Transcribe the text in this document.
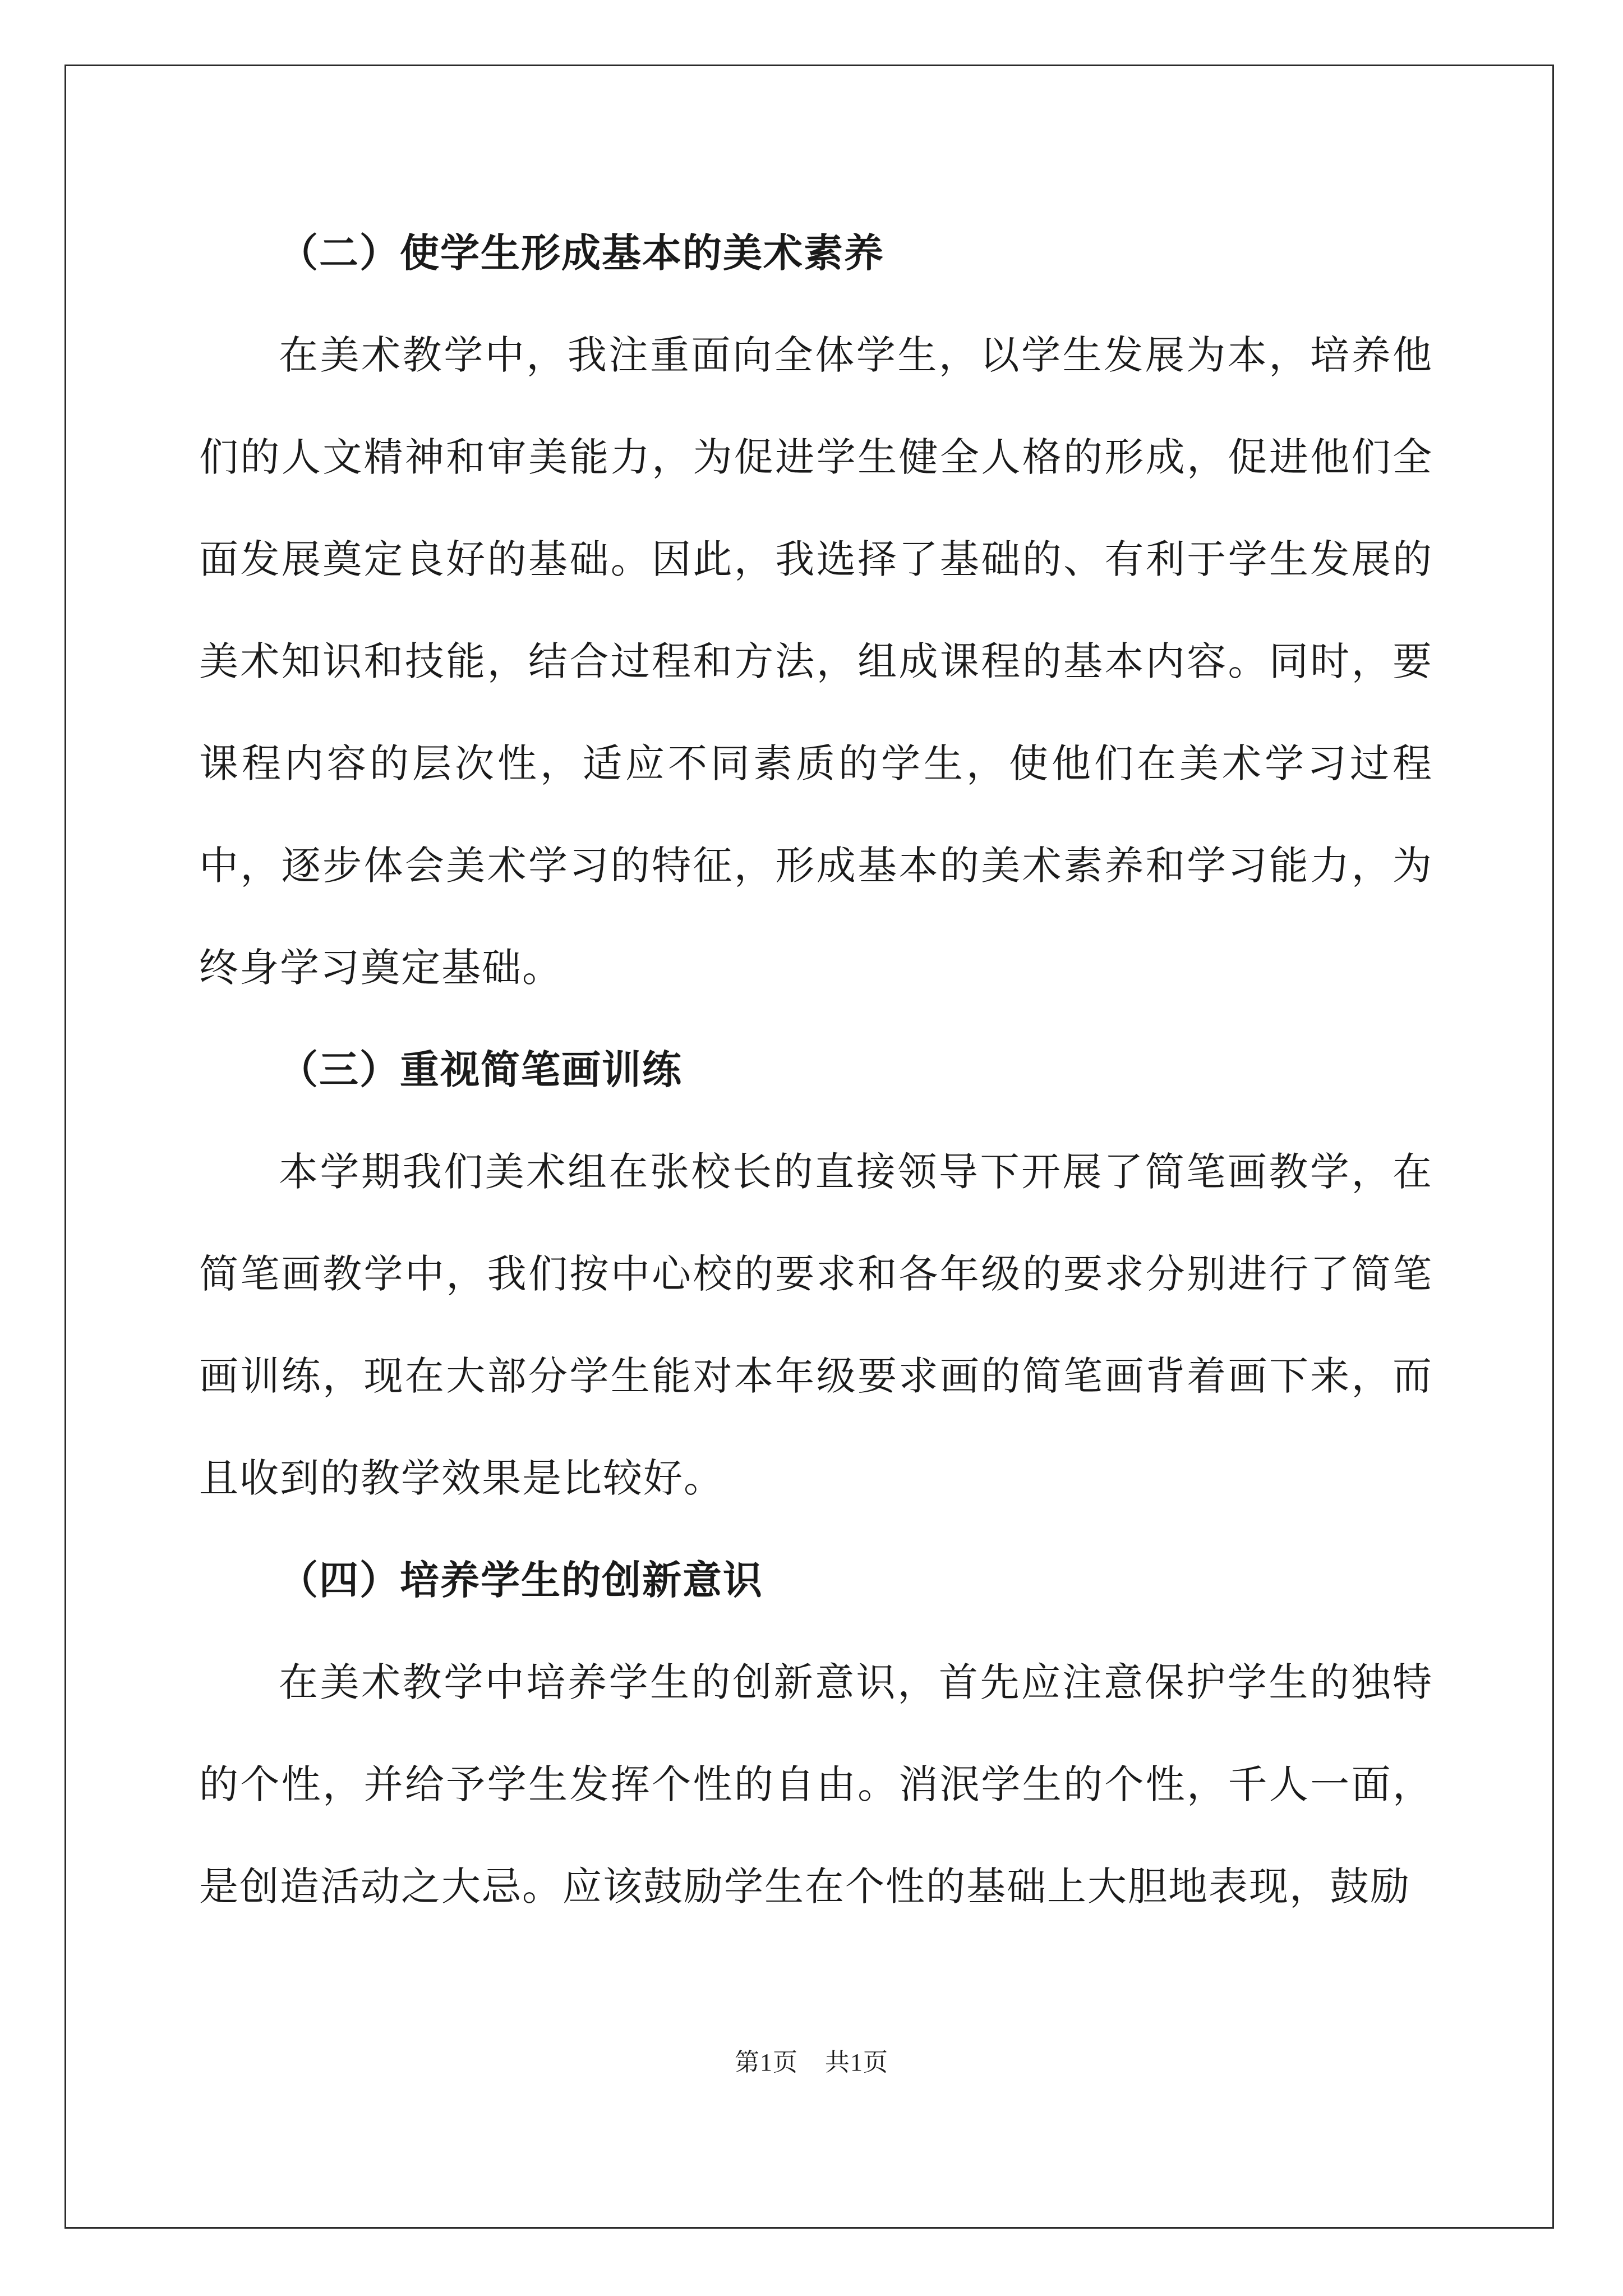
（二）使学生形成基本的美术素养

在美术教学中，我注重面向全体学生，以学生发展为本，培养他们的人文精神和审美能力，为促进学生健全人格的形成，促进他们全面发展奠定良好的基础。因此，我选择了基础的、有利于学生发展的美术知识和技能，结合过程和方法，组成课程的基本内容。同时，要课程内容的层次性，适应不同素质的学生，使他们在美术学习过程中，逐步体会美术学习的特征，形成基本的美术素养和学习能力，为终身学习奠定基础。

（三）重视简笔画训练

本学期我们美术组在张校长的直接领导下开展了简笔画教学，在简笔画教学中，我们按中心校的要求和各年级的要求分别进行了简笔画训练，现在大部分学生能对本年级要求画的简笔画背着画下来，而且收到的教学效果是比较好。

（四）培养学生的创新意识

在美术教学中培养学生的创新意识，首先应注意保护学生的独特的个性，并给予学生发挥个性的自由。消泯学生的个性，千人一面，是创造活动之大忌。应该鼓励学生在个性的基础上大胆地表现，鼓励

第1页 共1页
